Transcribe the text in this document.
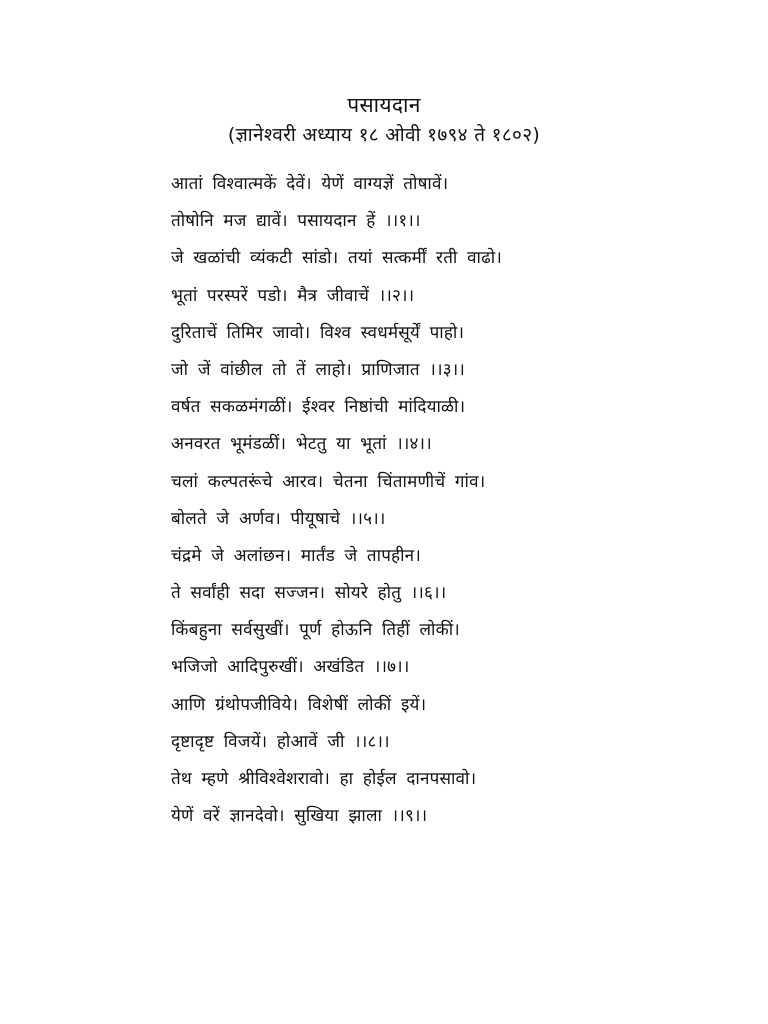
पसायदान
(ज्ञानेश्वरी अध्याय १८ ओवी १७९४ ते १८०२)
आतां विश्वात्मकें देवें। येणें वाग्यज्ञें तोषावें।
तोषोनि मज द्यावें। पसायदान हें ।।१।।
जे खळांची व्यंकटी सांडो। तयां सत्कर्मीं रती वाढो।
भूतां परस्परें पडो। मैत्र जीवाचें ।।२।।
दुरिताचें तिमिर जावो। विश्व स्वधर्मसूर्यें पाहो।
जो जें वांछील तो तें लाहो। प्राणिजात ।।३।।
वर्षत सकळमंगळीं। ईश्वर निष्ठांची मांदियाळी।
अनवरत भूमंडळीं। भेटतु या भूतां ।।४।।
चलां कल्पतरूंचे आरव। चेतना चिंतामणीचें गांव।
बोलते जे अर्णव। पीयूषाचे ।।५।।
चंद्रमे जे अलांछन। मार्तंड जे तापहीन।
ते सर्वांही सदा सज्जन। सोयरे होतु ।।६।।
किंबहुना सर्वसुखीं। पूर्ण होऊनि तिहीं लोकीं।
भजिजो आदिपुरुखीं। अखंडित ।।७।।
आणि ग्रंथोपजीविये। विशेषीं लोकीं इयें।
दृष्टादृष्ट विजयें। होआवें जी ।।८।।
तेथ म्हणे श्रीविश्वेशरावो। हा होईल दानपसावो।
येणें वरें ज्ञानदेवो। सुखिया झाला ।।९।।
